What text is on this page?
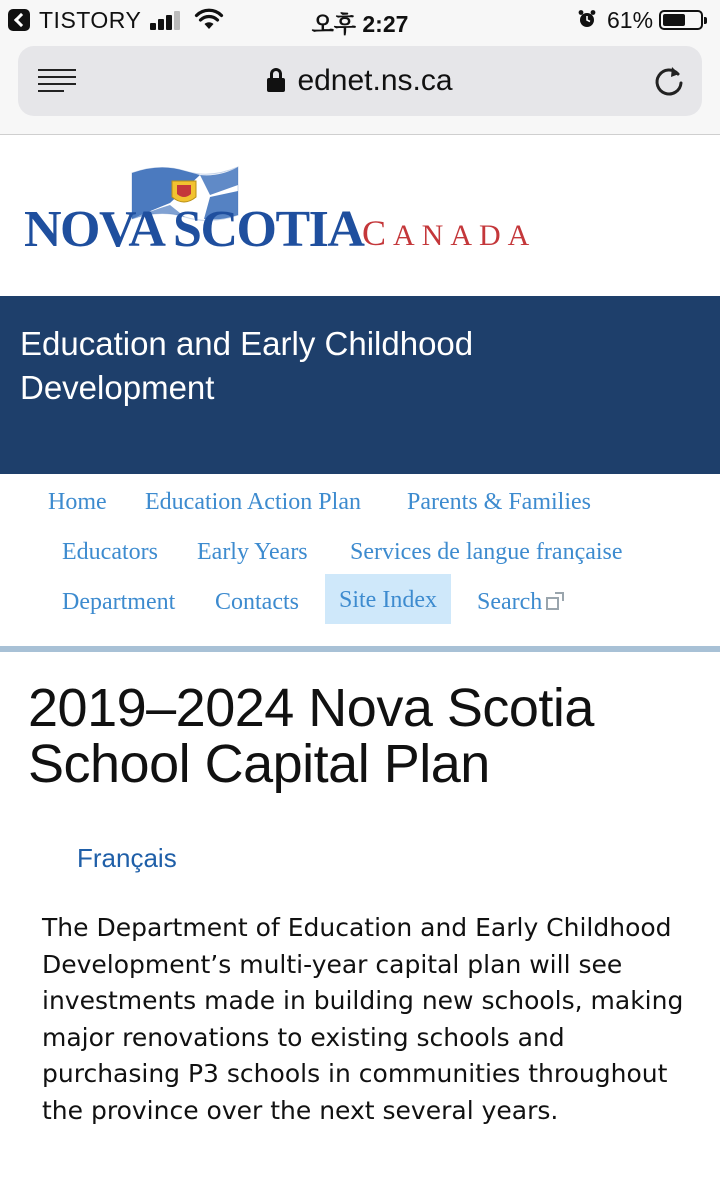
TISTORY	오후 2:27	61%
ednet.ns.ca
NOVA SCOTIA
CANADA
Education and Early Childhood Development
Home Education Action Plan Parents & Families
Educators Early Years Services de langue française
Department Contacts	Site Index	Search
2019–2024 Nova Scotia
School Capital Plan
Français

The Department of Education and Early Childhood Development’s multi-year capital plan will see investments made in building new schools, making major renovations to existing schools and purchasing P3 schools in communities throughout the province over the next several years.
